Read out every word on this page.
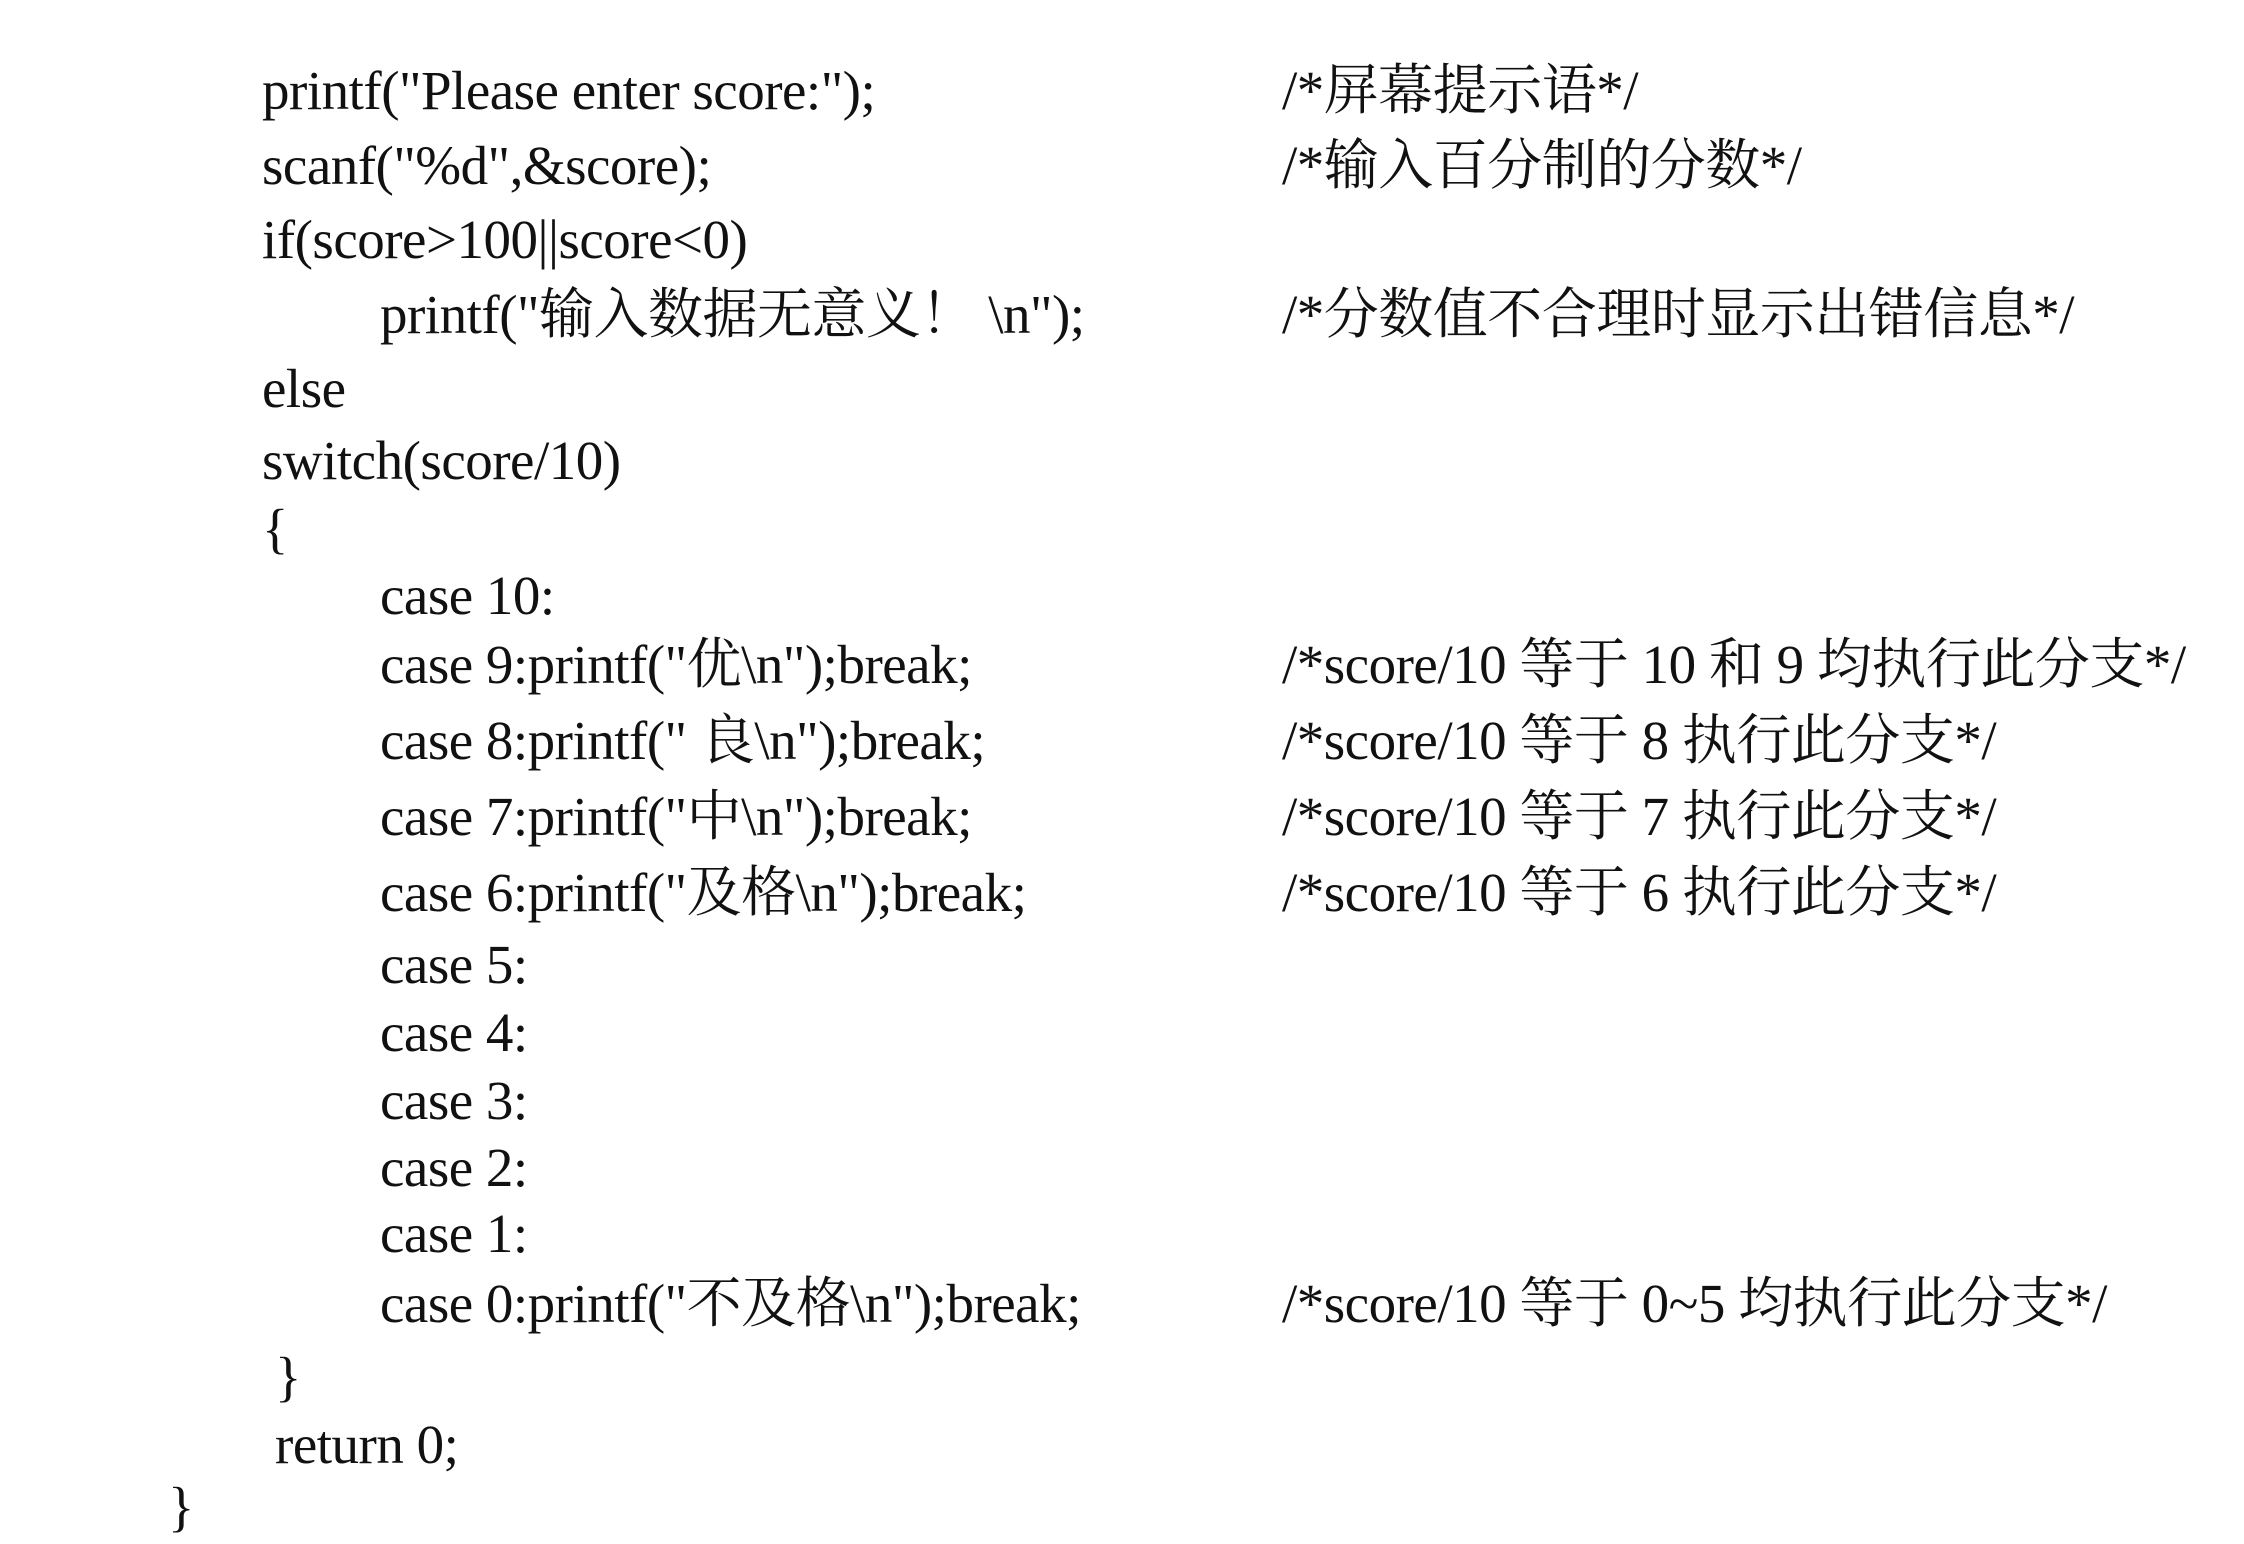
printf("Please enter score:");	/*屏幕提示语*/
scanf("%d",&score);	/*输入百分制的分数*/
if(score>100||score<0)
printf("输入数据无意义！ \n");	/*分数值不合理时显示出错信息*/
else
switch(score/10)
{
case 10:
case 9:printf("优\n");break;	/*score/10 等于 10 和 9 均执行此分支*/
case 8:printf(" 良\n");break;	/*score/10 等于 8 执行此分支*/
case 7:printf("中\n");break;	/*score/10 等于 7 执行此分支*/
case 6:printf("及格\n");break;	/*score/10 等于 6 执行此分支*/
case 5:
case 4:
case 3:
case 2:
case 1:
case 0:printf("不及格\n");break;	/*score/10 等于 0~5 均执行此分支*/
}
return 0;
}
